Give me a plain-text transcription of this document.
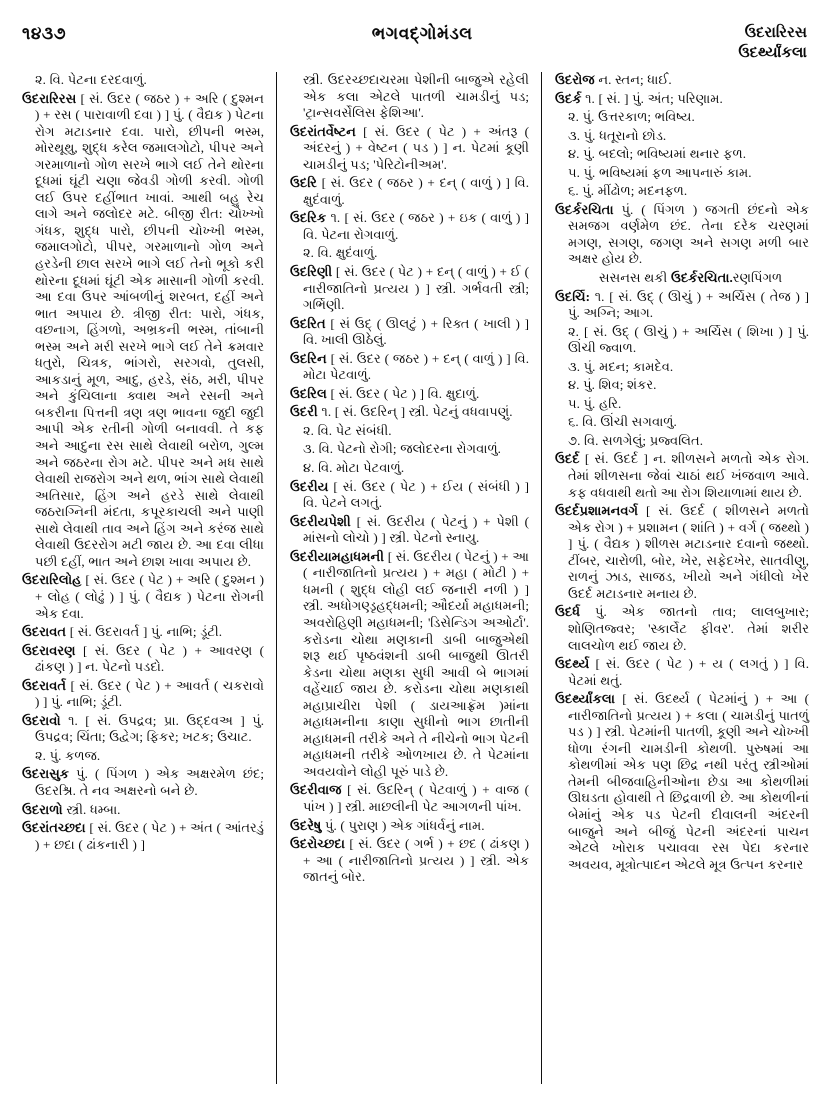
૧૪૩૭	ભગવદ્ગોમંડલ	ઉદરારિરસ
ઉદર્થ્યાંકલા

૨. વિ. પેટના દરદવાળું.

ઉદરારિરસ [ સં. ઉદર ( જઠર ) + અરિ ( દુશ્મન ) + રસ ( પારાવાળી દવા ) ] પું. ( વૈદ્યક ) પેટના રોગ મટાડનાર દવા. પારો, છીપની ભસ્મ, મોરથૂથુ, શુદ્ધ કરેલ જમાલગોટો, પીપર અને ગરમાળાનો ગોળ સરખે ભાગે લઈ તેને થોરના દૂધમાં ઘૂંટી ચણા જેવડી ગોળી કરવી. ગોળી લઈ ઉપર દહીંભાત ખાવાં. આથી બહુ રેચ લાગે અને જલોદર મટે. બીજી રીત: ચોખ્ખો ગંધક, શુદ્ધ પારો, છીપની ચોખ્ખી ભસ્મ, જમાલગોટો, પીપર, ગરમાળાનો ગોળ અને હરડેની છાલ સરખે ભાગે લઈ તેનો ભૂકો કરી થોરના દૂધમાં ઘૂંટી એક માસાની ગોળી કરવી. આ દવા ઉપર આંબળીનું શરબત, દહીં અને ભાત અપાય છે. ત્રીજી રીત: પારો, ગંધક, વછનાગ, હિંગળો, અભ્રકની ભસ્મ, તાંબાની ભસ્મ અને મરી સરખે ભાગે લઈ તેને ક્રમવાર ધતુરો, ચિત્રક, ભાંગરો, સરગવો, તુલસી, આકડાનું મૂળ, આદુ, હરડે, સંઠ, મરી, પીપર અને કુંચિલાના ક્વાથ અને રસની અને બકરીના પિત્તની ત્રણ ત્રણ ભાવના જુદી જુદી આપી એક રતીની ગોળી બનાવવી. તે કફ અને આદુના રસ સાથે લેવાથી બરોળ, ગુલ્મ અને જઠરના રોગ મટે. પીપર અને મધ સાથે લેવાથી રાજરોગ અને થળ, ભાંગ સાથે લેવાથી અતિસાર, હિંગ અને હરડે સાથે લેવાથી જઠરાગ્નિની મંદતા, કપૂરકાચલી અને પાણી સાથે લેવાથી તાવ અને હિંગ અને કરંજ સાથે લેવાથી ઉદરરોગ મટી જાય છે. આ દવા લીધા પછી દહીં, ભાત અને છાશ ખાવા અપાય છે.

ઉદરારિલોહ [ સં. ઉદર ( પેટ ) + અરિ ( દુશ્મન ) + લોહ ( લોઢું ) ] પું. ( વૈદ્યક ) પેટના રોગની એક દવા.

ઉદરાવત [ સં. ઉદરાવર્ત ] પું. નાભિ; ડૂંટી.

ઉદરાવરણ [ સં. ઉદર ( પેટ ) + આવરણ ( ઢાંકણ ) ] ન. પેટનો પડદો.

ઉદરાવર્ત [ સં. ઉદર ( પેટ ) + આવર્ત ( ચકરાવો ) ] પું. નાભિ; ડૂંટી.

ઉદરાવો ૧. [ સં. ઉપદ્રવ; પ્રા. ઉદ્દવઅ ] પું. ઉપદ્રવ; ચિંતા; ઉદ્વેગ; ફિકર; ખટક; ઉચાટ.

૨. પું. કળજ.

ઉદરાસુક પું. ( પિંગળ ) એક અક્ષરમેળ છંદ; ઉદરશ્રિ. તે નવ અક્ષરનો બને છે.

ઉદરાળો સ્ત્રી. ધમ્બા.

ઉદરાંતચ્છદા [ સં. ઉદર ( પેટ ) + અંત ( આંતરડું ) + છદા ( ઢાંકનારી ) ]

સ્ત્રી. ઉદરચ્છદાચરમા પેશીની બાજુએ રહેલી એક કલા એટલે પાતળી ચામડીનું પડ; 'ટ્રાન્સવર્સેલિસ ફેશિઆ'.

ઉદરાંતર્વેષ્ટન [ સં. ઉદર ( પેટ ) + અંતરૂ ( અંદરનું ) + વેષ્ટન ( પડ ) ] ન. પેટમાં કૂણી ચામડીનું પડ; 'પેરિટોનીઅમ'.

ઉદરિ [ સં. ઉદર ( જઠર ) + દન્ ( વાળું ) ] વિ. ક્ષુદંવાળું.

ઉદરિક ૧. [ સં. ઉદર ( જઠર ) + ઇક ( વાળું ) ] વિ. પેટના રોગવાળું.

૨. વિ. ક્ષુદંવાળું.

ઉદરિણી [ સં. ઉદર ( પેટ ) + દન્ ( વાળું ) + ઈ ( નારીજાતિનો પ્રત્યય ) ] સ્ત્રી. ગર્ભવતી સ્ત્રી; ગર્ભિણી.

ઉદરિત [ સં ઉદ્ ( ઊલટું ) + રિક્ત ( ખાલી ) ] વિ. ખાલી ઊઠેલું.

ઉદરિન [ સં. ઉદર ( જઠર ) + દન્ ( વાળું ) ] વિ. મોટા પેટવાળું.

ઉદરિલ [ સં. ઉદર ( પેટ ) ] વિ. ક્ષુદાળું.

ઉદરી ૧. [ સં. ઉદરિન્ ] સ્ત્રી. પેટનું વધવાપણું.

૨. વિ. પેટ સંબંધી.

૩. વિ. પેટનો રોગી; જલોદરના રોગવાળું.

૪. વિ. મોટા પેટવાળું.

ઉદરીય [ સં. ઉદર ( પેટ ) + ઈય ( સંબંધી ) ] વિ. પેટને લગતું.

ઉદરીયપેશી [ સં. ઉદરીય ( પેટનું ) + પેશી ( માંસનો લોચો ) ] સ્ત્રી. પેટનો સ્નાયુ.

ઉદરીયામહાધમની [ સં. ઉદરીય ( પેટનું ) + આ ( નારીજાતિનો પ્રત્યય ) + મહા ( મોટી ) + ધમની ( શુદ્ધ લોહી લઈ જનારી નળી ) ] સ્ત્રી. અધોગણ્ડૃહદ્ધમની; ઔદર્યા મહાધમની; અવરોહિણી મહાધમની; 'ડિસેન્ડિગ અઓર્ટા'. કરોડના ચોથા મણકાની ડાબી બાજુએથી શરૂ થઈ પૃષ્ઠવંશની ડાબી બાજુથી ઊતરી કેડના ચોથા મણકા સુધી આવી બે ભાગમાં વહેંચાઈ જાય છે. કરોડના ચોથા મણકાથી મહાપ્રાચીરા પેશી ( ડાયઆફ્રૅમ )માંના મહાધમનીના કાણા સુધીનો ભાગ છાતીની મહાધમની તરીકે અને તે નીચેનો ભાગ પેટની મહાધમની તરીકે ઓળખાય છે. તે પેટમાંના અવયવોને લોહી પૂરું પાડે છે.

ઉદરીવાજ [ સં. ઉદરિન્ ( પેટવાળું ) + વાજ ( પાંખ ) ] સ્ત્રી. માછલીની પેટ આગળની પાંખ.

ઉદરેષુ પું. ( પુરાણ ) એક ગાંધર્વનું નામ.

ઉદરોચ્છદા [ સં. ઉદર ( ગર્ભ ) + છદ ( ઢાંકણ ) + આ ( નારીજાતિનો પ્રત્યય ) ] સ્ત્રી. એક જાતનું બોર.

ઉદરોજ ન. સ્તન; ધાર્ઈ.

ઉદર્ક ૧. [ સં. ] પું. અંત; પરિણામ.

૨. પું. ઉત્તરકાળ; ભવિષ્ય.

૩. પું. ધતૂરાનો છોડ.

૪. પું. બદલો; ભવિષ્યમાં થનાર ફળ.

૫. પું. ભવિષ્યમાં ફળ આપનારું કામ.

૬. પું. મીંઢોળ; મદનફળ.

ઉદર્કરચિતા પું. ( પિંગળ ) જગતી છંદનો એક સમજગ વર્ણમેળ છંદ. તેના દરેક ચરણમાં મગણ, સગણ, જગણ અને સગણ મળી બાર અક્ષર હોય છે.

સસનસ થકી ઉદર્કરચિતા. રણપિંગળ

ઉદર્ચિ: ૧. [ સં. ઉદ્ ( ઊચું ) + અર્ચિસ ( તેજ ) ] પું. અગ્નિ; આગ.

૨. [ સં. ઉદ્ ( ઊચું ) + અર્ચિસ ( શિખા ) ] પું. ઊંચી જ્વાળ.

૩. પું. મદન; કામદેવ.

૪. પું. શિવ; શંકર.

૫. પું. હરિ.

૬. વિ. ઊંચી સગવાળું.

૭. વિ. સળગેલું; પ્રજ્વલિત.

ઉદર્દ [ સં. ઉદર્દ ] ન. શીળસને મળતો એક રોગ. તેમાં શીળસના જેવાં ચાઠાં થઈ ખંજવાળ આવે. કફ વધવાથી થતો આ રોગ શિયાળામાં થાય છે.

ઉદર્દપ્રશામનવર્ગ [ સં. ઉદર્દ ( શીળસને મળતો એક રોગ ) + પ્રશામન ( શાંતિ ) + વર્ગ ( જથ્થો ) ] પું. ( વૈદ્યક ) શીળસ મટાડનાર દવાનો જથ્થો. ટીંબર, ચારોળી, બોર, ખેર, સફેદખેર, સાતવીણુ, રાળનું ઝાડ, સાજડ, ખીયો અને ગંધીલો ખેર ઉદર્દ મટાડનાર મનાય છે.

ઉદર્ધ પું. એક જાતનો તાવ; લાલબુખાર; શોણિતજ્વર; 'સ્કાર્લેટ ફીવર'. તેમાં શરીર લાલચોળ થઈ જાય છે.

ઉદર્થ્ય [ સં. ઉદર ( પેટ ) + ય ( લગતું ) ] વિ. પેટમાં થતું.

ઉદર્થ્યાંકલા [ સં. ઉદર્થ્ય ( પેટમાંનું ) + આ ( નારીજાતિનો પ્રત્યય ) + કલા ( ચામડીનું પાતળું પડ ) ] સ્ત્રી. પેટમાંની પાતળી, કૂણી અને ચોખ્ખી ધોળા રંગની ચામડીની કોથળી. પુરુષમાં આ કોથળીમાં એક પણ છિદ્ર નથી પરંતુ સ્ત્રીઓમાં તેમની બીજવાહિનીઓના છેડા આ કોથળીમાં ઊઘડતા હોવાથી તે છિદ્રવાળી છે. આ કોથળીનાં બેમાંનું એક પડ પેટની દીવાલની અંદરની બાજુને અને બીજું પેટની અંદરનાં પાચન એટલે ખોરાક પચાવવા રસ પેદા કરનાર અવયવ, મૂત્રોત્પાદન એટલે મૂત્ર ઉત્પન કરનાર
